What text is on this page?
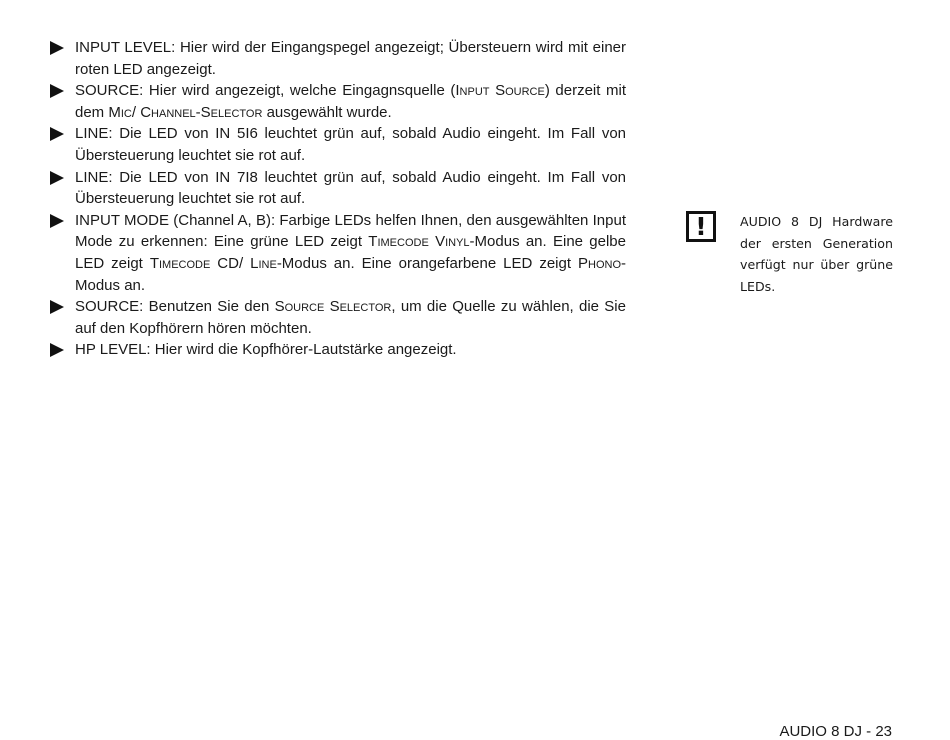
INPUT LEVEL: Hier wird der Eingangspegel angezeigt; Übersteuern wird mit einer roten LED angezeigt.
SOURCE: Hier wird angezeigt, welche Eingagnsquelle (Input Source) derzeit mit dem Mic/ Channel-Selector ausgewählt wurde.
LINE: Die LED von IN 5I6 leuchtet grün auf, sobald Audio eingeht. Im Fall von Übersteuerung leuchtet sie rot auf.
LINE: Die LED von IN 7I8 leuchtet grün auf, sobald Audio eingeht. Im Fall von Übersteuerung leuchtet sie rot auf.
INPUT MODE (Channel A, B): Farbige LEDs helfen Ihnen, den ausgewählten Input Mode zu erkennen: Eine grüne LED zeigt Timecode Vinyl-Modus an. Eine gelbe LED zeigt Timecode CD/ Line-Modus an. Eine orangefarbene LED zeigt Phono-Modus an.
SOURCE: Benutzen Sie den Source Selector, um die Quelle zu wählen, die Sie auf den Kopfhörern hören möchten.
HP LEVEL: Hier wird die Kopfhörer-Lautstärke angezeigt.
!	AUDIO 8 DJ Hardware der ersten Generation verfügt nur über grüne LEDs.
AUDIO 8 DJ - 23
